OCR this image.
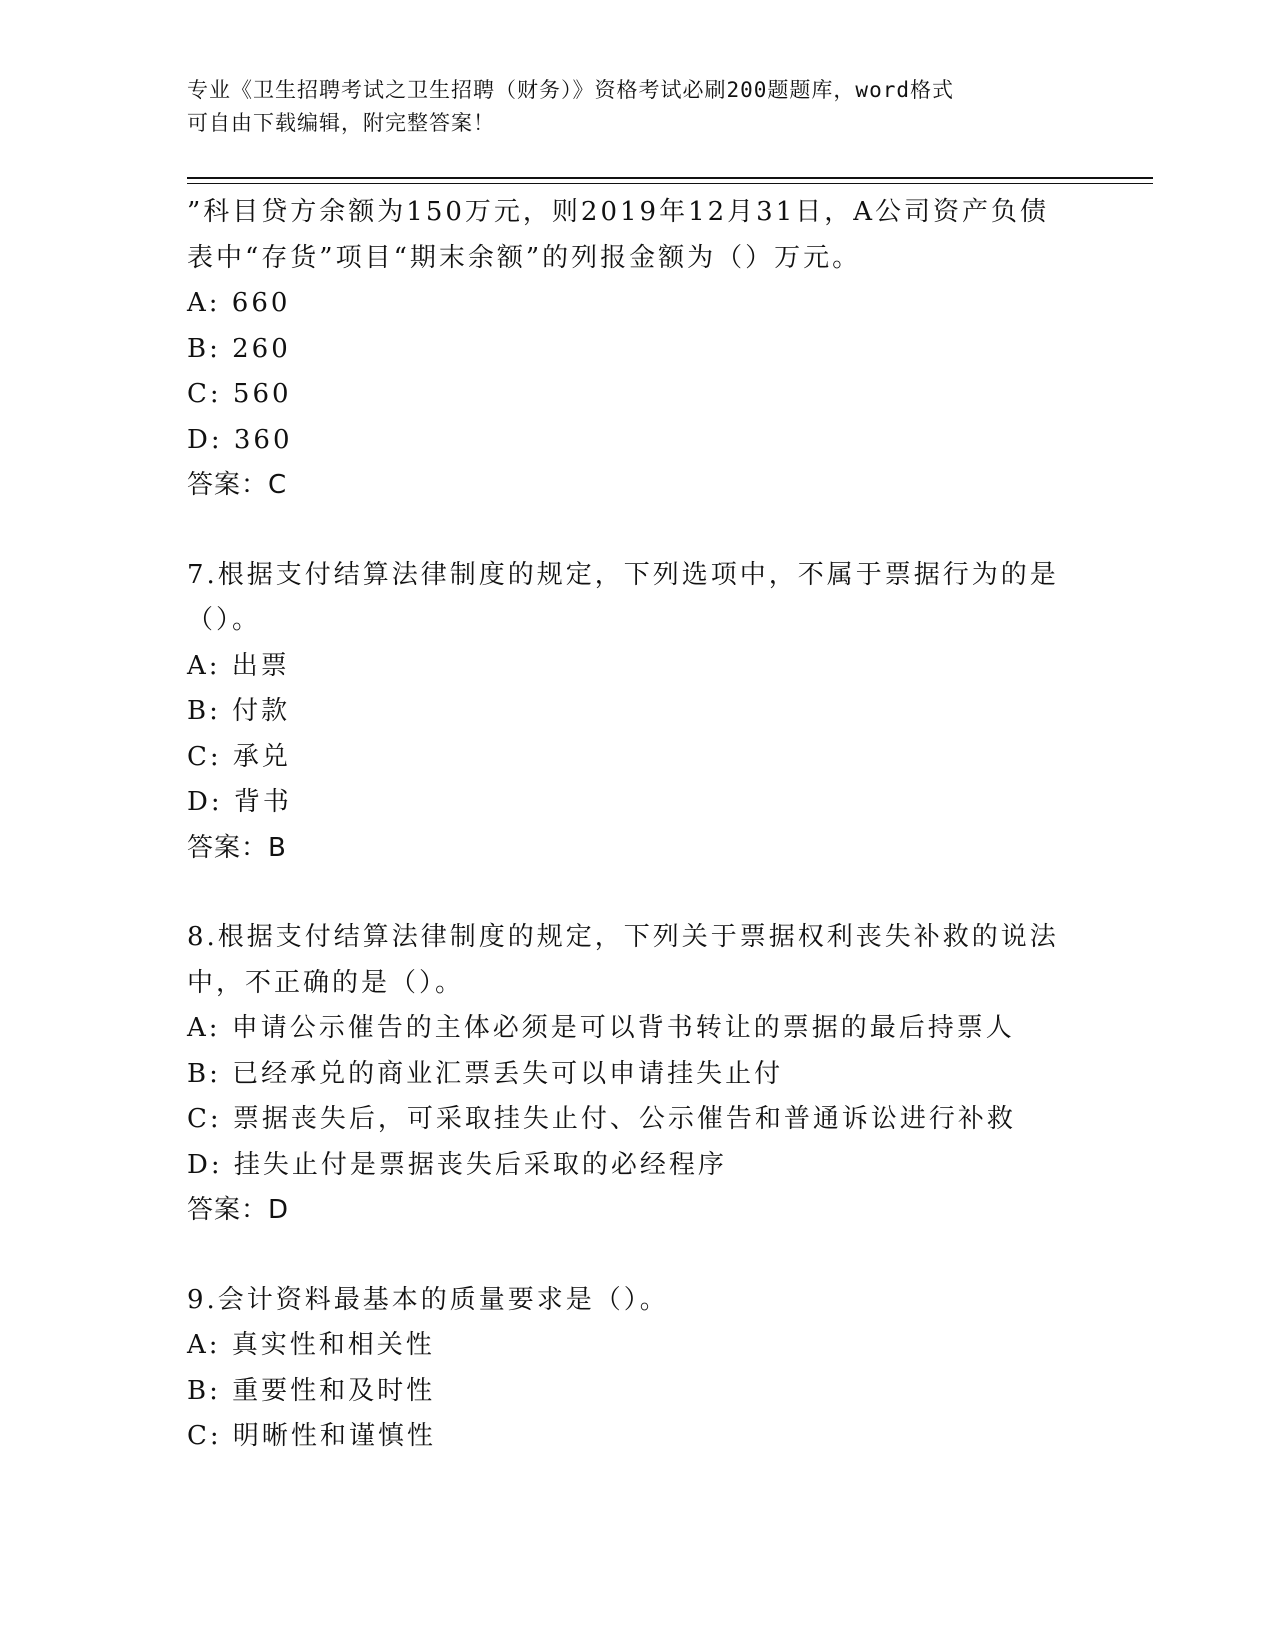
专业《卫生招聘考试之卫生招聘（财务）》资格考试必刷200题题库，word格式
可自由下载编辑，附完整答案！
”科目贷方余额为150万元，则2019年12月31日，A公司资产负债
表中“存货”项目“期末余额”的列报金额为（）万元。
A: 660
B: 260
C: 560
D: 360
答案：C
7.根据支付结算法律制度的规定，下列选项中，不属于票据行为的是
（）。
A: 出票
B: 付款
C: 承兑
D: 背书
答案：B
8.根据支付结算法律制度的规定，下列关于票据权利丧失补救的说法
中，不正确的是（）。
A: 申请公示催告的主体必须是可以背书转让的票据的最后持票人
B: 已经承兑的商业汇票丢失可以申请挂失止付
C: 票据丧失后，可采取挂失止付、公示催告和普通诉讼进行补救
D: 挂失止付是票据丧失后采取的必经程序
答案：D
9.会计资料最基本的质量要求是（）。
A: 真实性和相关性
B: 重要性和及时性
C: 明晰性和谨慎性
